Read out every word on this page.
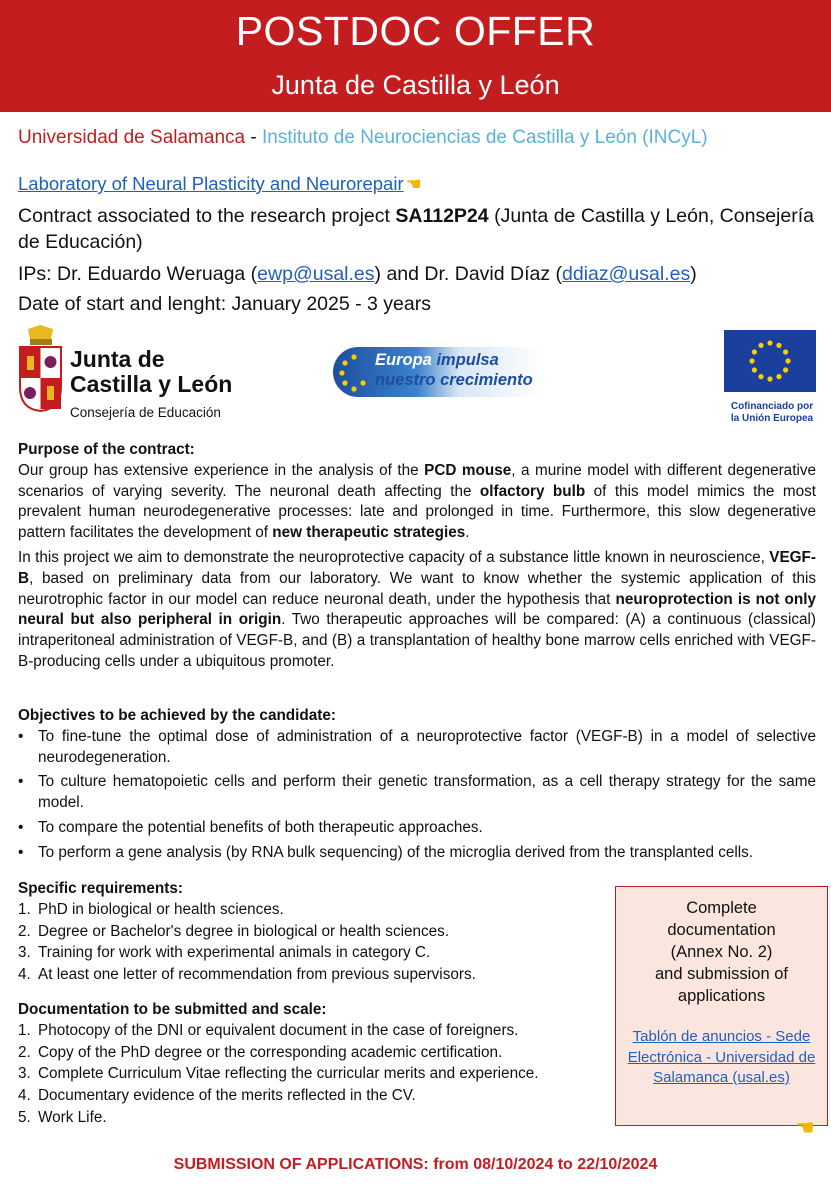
POSTDOC OFFER
Junta de Castilla y León
Universidad de Salamanca - Instituto de Neurociencias de Castilla y León (INCyL)
Laboratory of Neural Plasticity and Neurorepair ☚
Contract associated to the research project SA112P24 (Junta de Castilla y León, Consejería de Educación)
IPs: Dr. Eduardo Weruaga (ewp@usal.es) and Dr. David Díaz (ddiaz@usal.es)
Date of start and lenght: January 2025 - 3 years
Junta de
Castilla y León
Consejería de Educación
Europa impulsa
nuestro crecimiento
Cofinanciado por
la Unión Europea
Purpose of the contract:

Our group has extensive experience in the analysis of the PCD mouse, a murine model with different degenerative scenarios of varying severity. The neuronal death affecting the olfactory bulb of this model mimics the most prevalent human neurodegenerative processes: late and prolonged in time. Furthermore, this slow degenerative pattern facilitates the development of new therapeutic strategies.

In this project we aim to demonstrate the neuroprotective capacity of a substance little known in neuroscience, VEGF-B, based on preliminary data from our laboratory. We want to know whether the systemic application of this neurotrophic factor in our model can reduce neuronal death, under the hypothesis that neuroprotection is not only neural but also peripheral in origin. Two therapeutic approaches will be compared: (A) a continuous (classical) intraperitoneal administration of VEGF-B, and (B) a transplantation of healthy bone marrow cells enriched with VEGF-B-producing cells under a ubiquitous promoter.

Objectives to be achieved by the candidate:
• To fine-tune the optimal dose of administration of a neuroprotective factor (VEGF-B) in a model of selective neurodegeneration.
• To culture hematopoietic cells and perform their genetic transformation, as a cell therapy strategy for the same model.
• To compare the potential benefits of both therapeutic approaches.
• To perform a gene analysis (by RNA bulk sequencing) of the microglia derived from the transplanted cells.
Specific requirements:
1. PhD in biological or health sciences.
2. Degree or Bachelor's degree in biological or health sciences.
3. Training for work with experimental animals in category C.
4. At least one letter of recommendation from previous supervisors.
Documentation to be submitted and scale:
1. Photocopy of the DNI or equivalent document in the case of foreigners.
2. Copy of the PhD degree or the corresponding academic certification.
3. Complete Curriculum Vitae reflecting the curricular merits and experience.
4. Documentary evidence of the merits reflected in the CV.
5. Work Life.
Complete
documentation
(Annex No. 2)
and submission of
applications
Tablón de anuncios - Sede Electrónica - Universidad de Salamanca (usal.es)
☚
SUBMISSION OF APPLICATIONS: from 08/10/2024 to 22/10/2024
